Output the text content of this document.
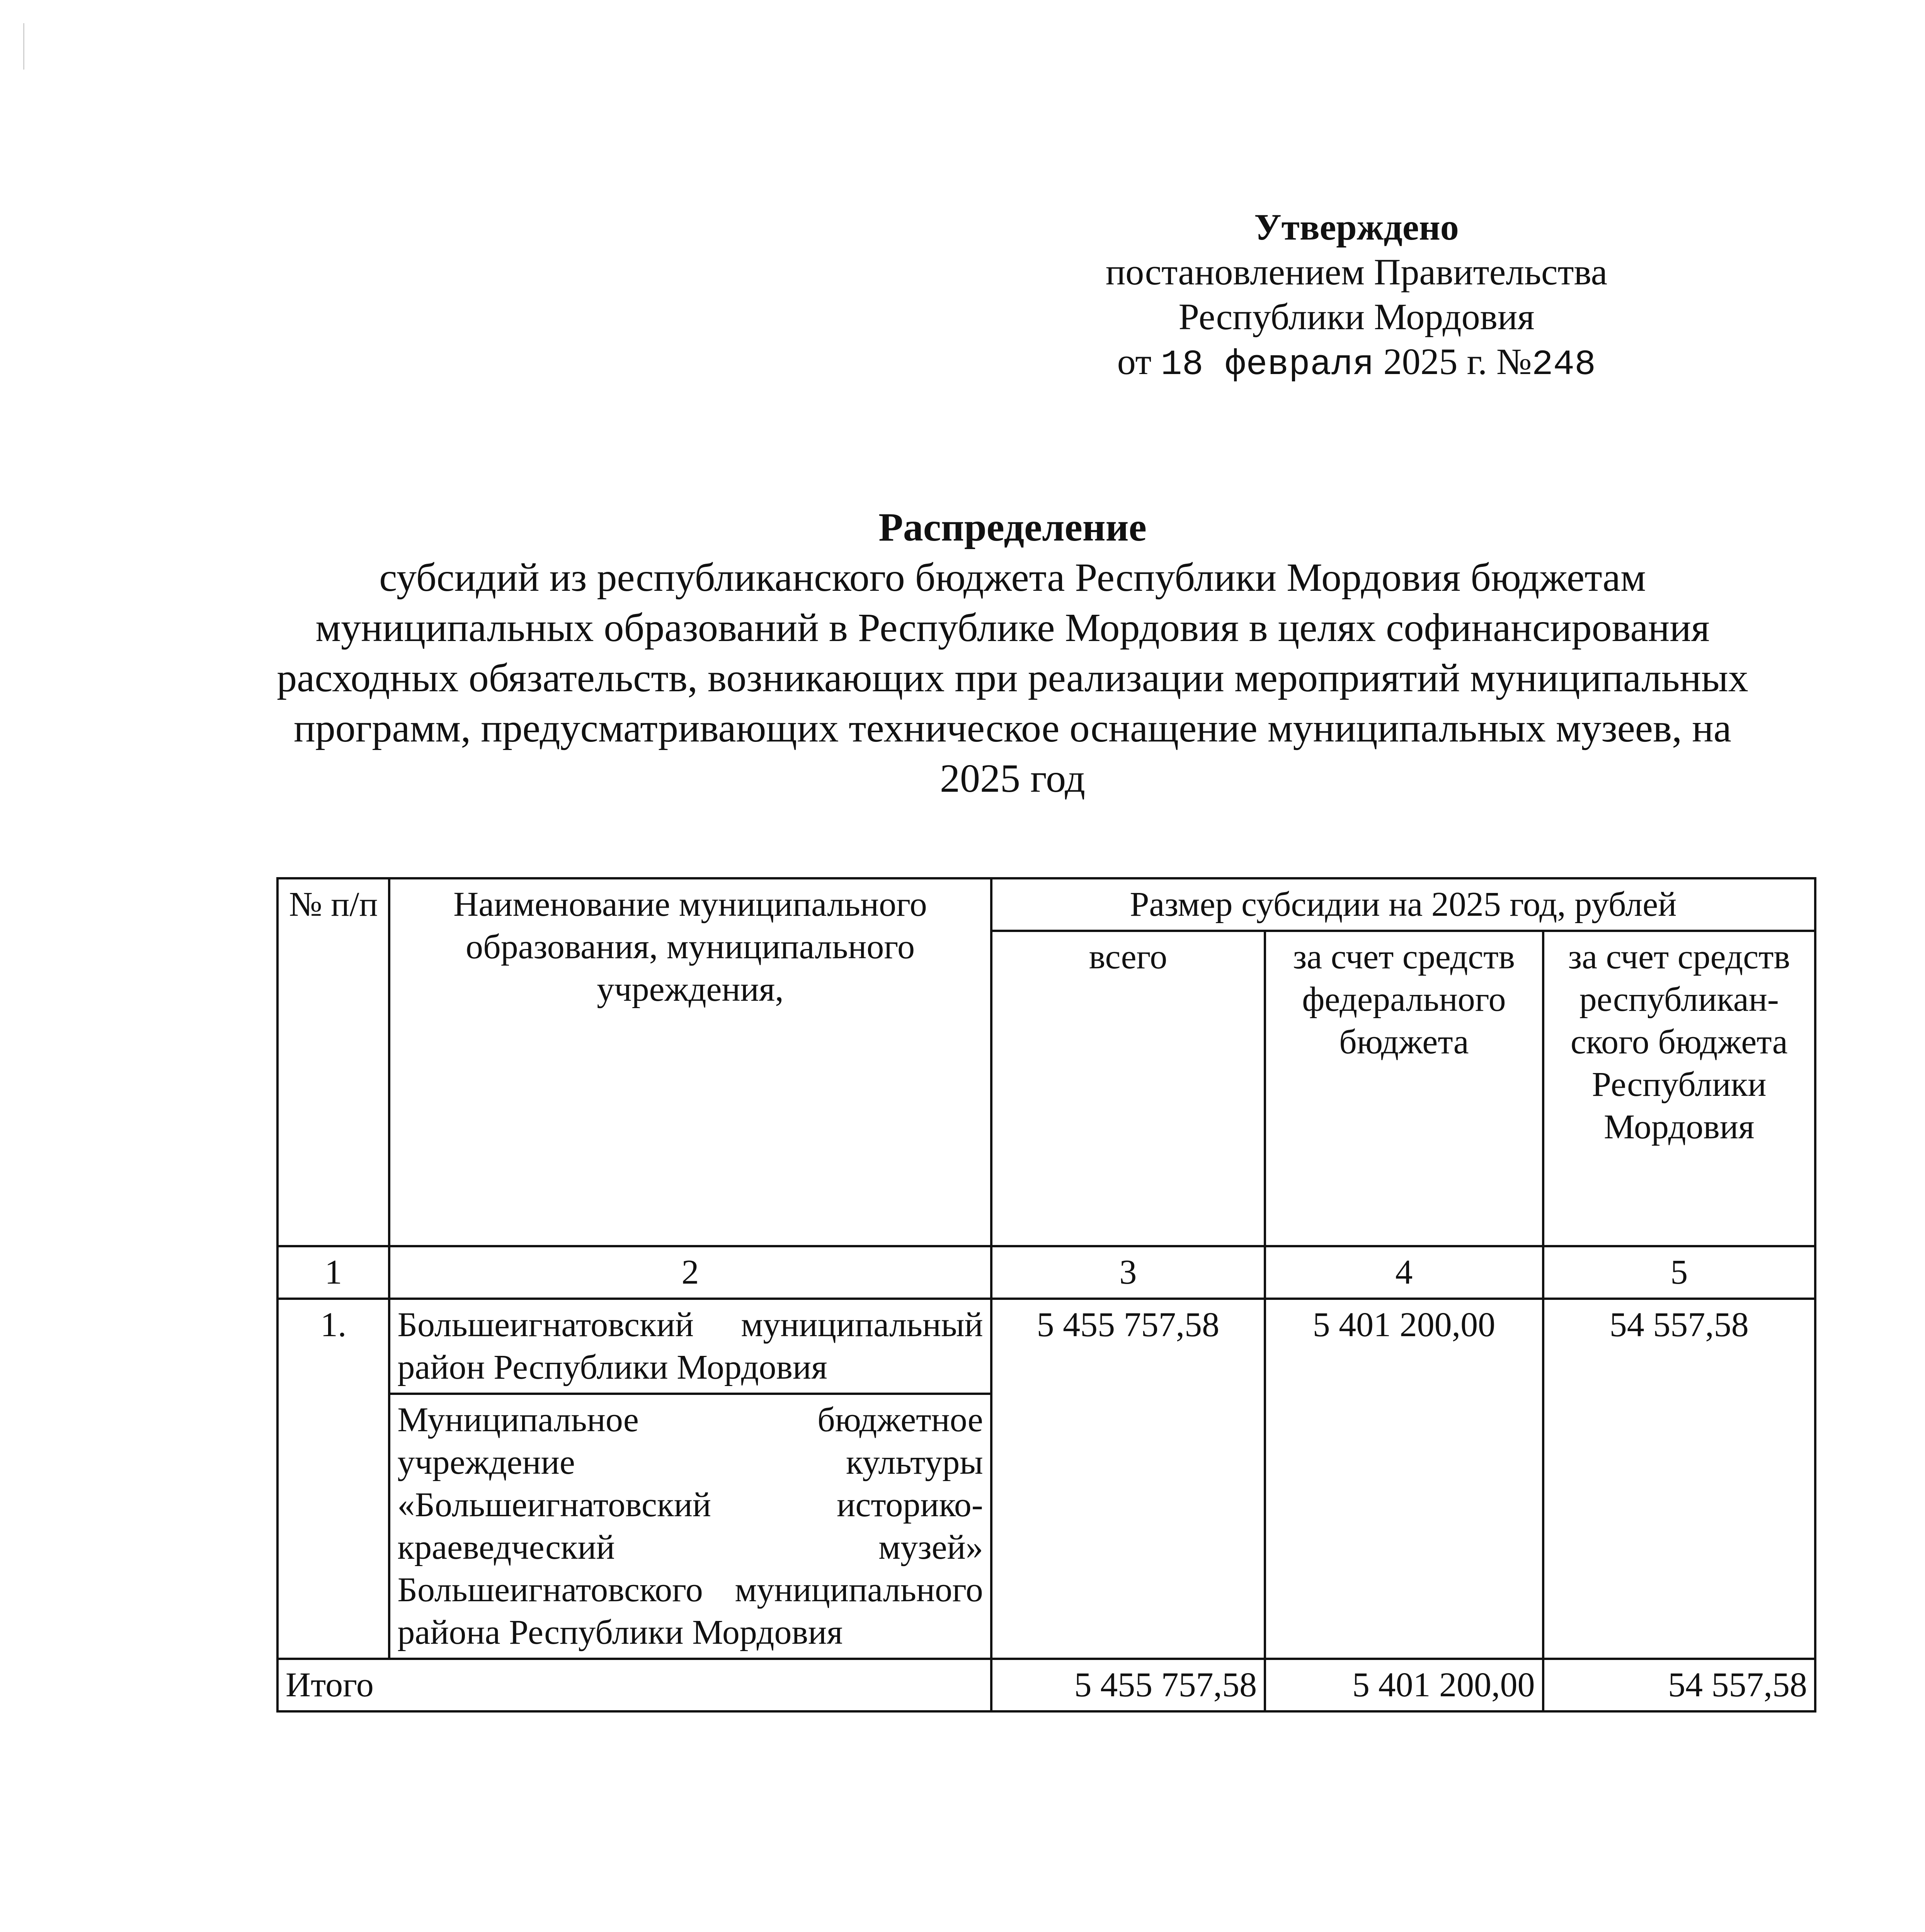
Утверждено
постановлением Правительства
Республики Мордовия
от 18 февраля 2025 г. №248
Распределение
субсидий из республиканского бюджета Республики Мордовия бюджетам муниципальных образований в Республике Мордовия в целях софинансирования расходных обязательств, возникающих при реализации мероприятий муниципальных программ, предусматривающих техническое оснащение муниципальных музеев, на 2025 год
№ п/п	Наименование муниципального образования, муниципального учреждения,	Размер субсидии на 2025 год, рублей		
		всего	за счет средств федерального бюджета	за счет средств республикан-ского бюджета Республики Мордовия
1	2	3	4	5
1.	Большеигнатовский муниципальный район Республики Мордовия	5 455 757,58	5 401 200,00	54 557,58
	Муниципальное бюджетное учреждение культуры «Большеигнатовский историко-краеведческий музей» Большеигнатовского муниципального района Республики Мордовия			
Итого		5 455 757,58	5 401 200,00	54 557,58
